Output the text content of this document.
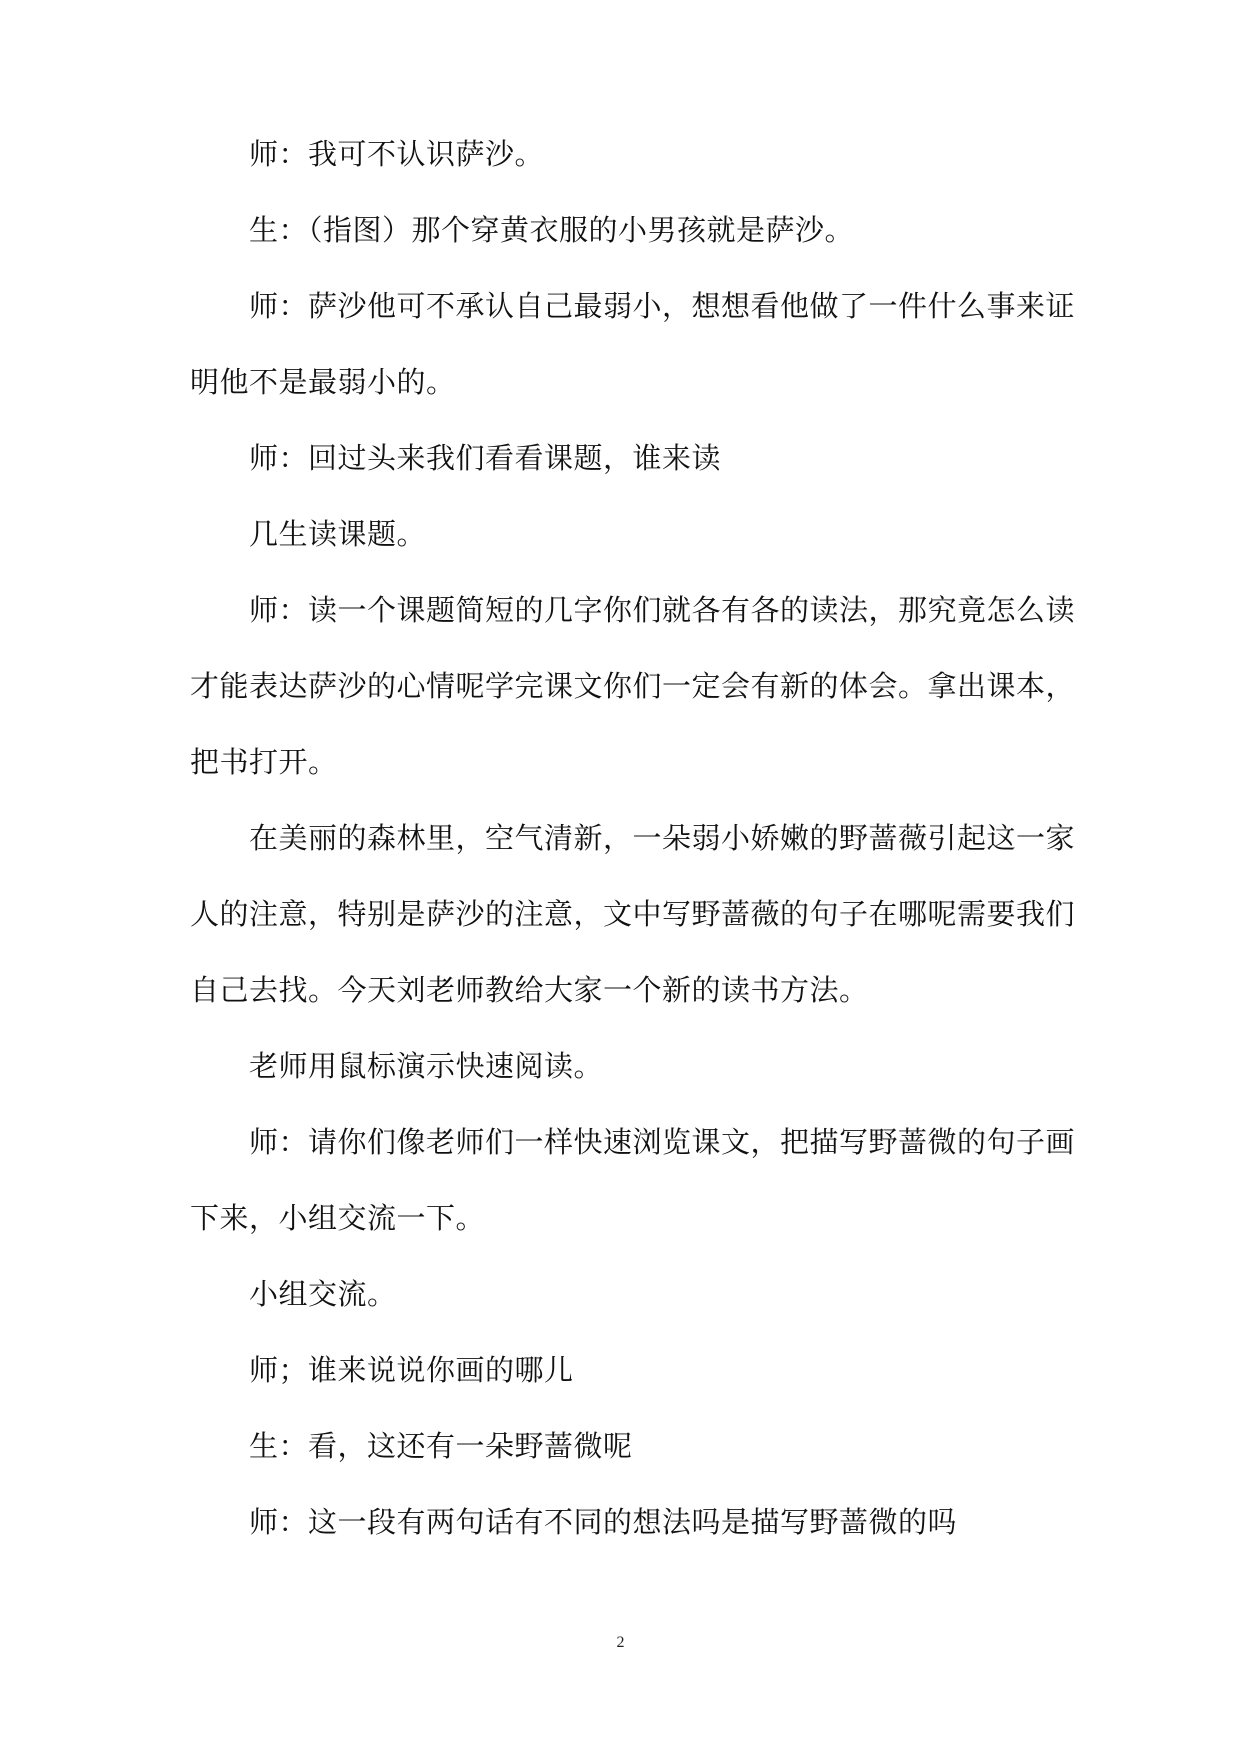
师：我可不认识萨沙。
生：（指图）那个穿黄衣服的小男孩就是萨沙。
师：萨沙他可不承认自己最弱小，想想看他做了一件什么事来证
明他不是最弱小的。
师：回过头来我们看看课题，谁来读
几生读课题。
师：读一个课题简短的几字你们就各有各的读法，那究竟怎么读
才能表达萨沙的心情呢学完课文你们一定会有新的体会。拿出课本，
把书打开。
在美丽的森林里，空气清新，一朵弱小娇嫩的野蔷薇引起这一家
人的注意，特别是萨沙的注意，文中写野蔷薇的句子在哪呢需要我们
自己去找。今天刘老师教给大家一个新的读书方法。
老师用鼠标演示快速阅读。
师：请你们像老师们一样快速浏览课文，把描写野蔷微的句子画
下来，小组交流一下。
小组交流。
师；谁来说说你画的哪儿
生：看，这还有一朵野蔷微呢
师：这一段有两句话有不同的想法吗是描写野蔷微的吗
2
